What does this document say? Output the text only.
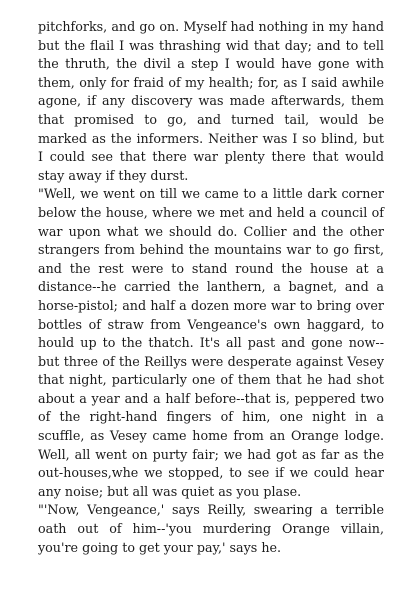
pitchforks, and go on. Myself had nothing in my hand but the flail I was thrashing wid that day; and to tell the thruth, the divil a step I would have gone with them, only for fraid of my health; for, as I said awhile agone, if any discovery was made afterwards, them that promised to go, and turned tail, would be marked as the informers. Neither was I so blind, but I could see that there war plenty there that would stay away if they durst.

"Well, we went on till we came to a little dark corner below the house, where we met and held a council of war upon what we should do. Collier and the other strangers from behind the mountains war to go first, and the rest were to stand round the house at a distance--he carried the lanthern, a bagnet, and a horse-pistol; and half a dozen more war to bring over bottles of straw from Vengeance's own haggard, to hould up to the thatch. It's all past and gone now--but three of the Reillys were desperate against Vesey that night, particularly one of them that he had shot about a year and a half before--that is, peppered two of the right-hand fingers of him, one night in a scuffle, as Vesey came home from an Orange lodge. Well, all went on purty fair; we had got as far as the out-houses,whe we stopped, to see if we could hear any noise; but all was quiet as you plase.

"'Now, Vengeance,' says Reilly, swearing a terrible oath out of him--'you murdering Orange villain, you're going to get your pay,' says he.
